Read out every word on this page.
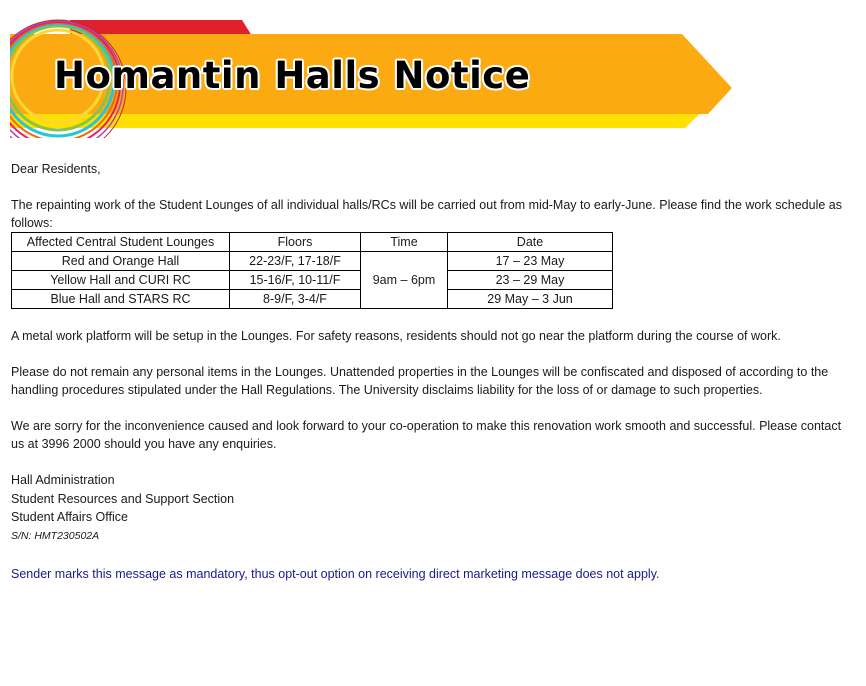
Homantin Halls Notice

Dear Residents,

The repainting work of the Student Lounges of all individual halls/RCs will be carried out from mid-May to early-June. Please find the work schedule as follows:

Affected Central Student Lounges	Floors	Time	Date
Red and Orange Hall	22-23/F, 17-18/F	9am – 6pm	17 – 23 May
Yellow Hall and CURI RC	15-16/F, 10-11/F		23 – 29 May
Blue Hall and STARS RC	8-9/F, 3-4/F		29 May – 3 Jun

A metal work platform will be setup in the Lounges. For safety reasons, residents should not go near the platform during the course of work.

Please do not remain any personal items in the Lounges. Unattended properties in the Lounges will be confiscated and disposed of according to the handling procedures stipulated under the Hall Regulations. The University disclaims liability for the loss of or damage to such properties.

We are sorry for the inconvenience caused and look forward to your co-operation to make this renovation work smooth and successful. Please contact us at 3996 2000 should you have any enquiries.

Hall Administration

Student Resources and Support Section

Student Affairs Office

S/N: HMT230502A

Sender marks this message as mandatory, thus opt-out option on receiving direct marketing message does not apply.
